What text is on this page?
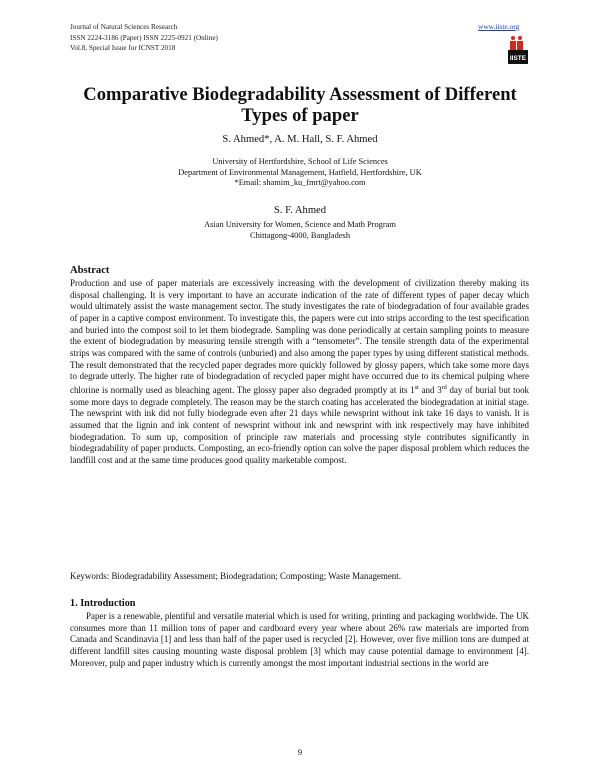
Journal of Natural Sciences Research
ISSN 2224-3186 (Paper) ISSN 2225-0921 (Online)
Vol.8, Special Issue for ICNST 2018
www.iiste.org
IISTE
Comparative Biodegradability Assessment of Different Types of paper
S. Ahmed*, A. M. Hall, S. F. Ahmed
University of Hertfordshire, School of Life Sciences
Department of Environmental Management, Hatfield, Hertfordshire, UK
*Email: shamim_ku_fmrt@yahoo.com
S. F. Ahmed
Asian University for Women, Science and Math Program
Chittagong-4000, Bangladesh
Abstract
Production and use of paper materials are excessively increasing with the development of civilization thereby making its disposal challenging. It is very important to have an accurate indication of the rate of different types of paper decay which would ultimately assist the waste management sector. The study investigates the rate of biodegradation of four available grades of paper in a captive compost environment. To investigate this, the papers were cut into strips according to the test specification and buried into the compost soil to let them biodegrade. Sampling was done periodically at certain sampling points to measure the extent of biodegradation by measuring tensile strength with a “tensometer”. The tensile strength data of the experimental strips was compared with the same of controls (unburied) and also among the paper types by using different statistical methods. The result demonstrated that the recycled paper degrades more quickly followed by glossy papers, which take some more days to degrade utterly. The higher rate of biodegradation of recycled paper might have occurred due to its chemical pulping where chlorine is normally used as bleaching agent. The glossy paper also degraded promptly at its 1st and 3rd day of burial but took some more days to degrade completely. The reason may be the starch coating has accelerated the biodegradation at initial stage. The newsprint with ink did not fully biodegrade even after 21 days while newsprint without ink take 16 days to vanish. It is assumed that the lignin and ink content of newsprint without ink and newsprint with ink respectively may have inhibited biodegradation. To sum up, composition of principle raw materials and processing style contributes significantly in biodegradability of paper products. Composting, an eco-friendly option can solve the paper disposal problem which reduces the landfill cost and at the same time produces good quality marketable compost.
Keywords: Biodegradability Assessment; Biodegradation; Composting; Waste Management.
1. Introduction
Paper is a renewable, plentiful and versatile material which is used for writing, printing and packaging worldwide. The UK consumes more than 11 million tons of paper and cardboard every year where about 26% raw materials are imported from Canada and Scandinavia [1] and less than half of the paper used is recycled [2]. However, over five million tons are dumped at different landfill sites causing mounting waste disposal problem [3] which may cause potential damage to environment [4]. Moreover, pulp and paper industry which is currently amongst the most important industrial sections in the world are
9
